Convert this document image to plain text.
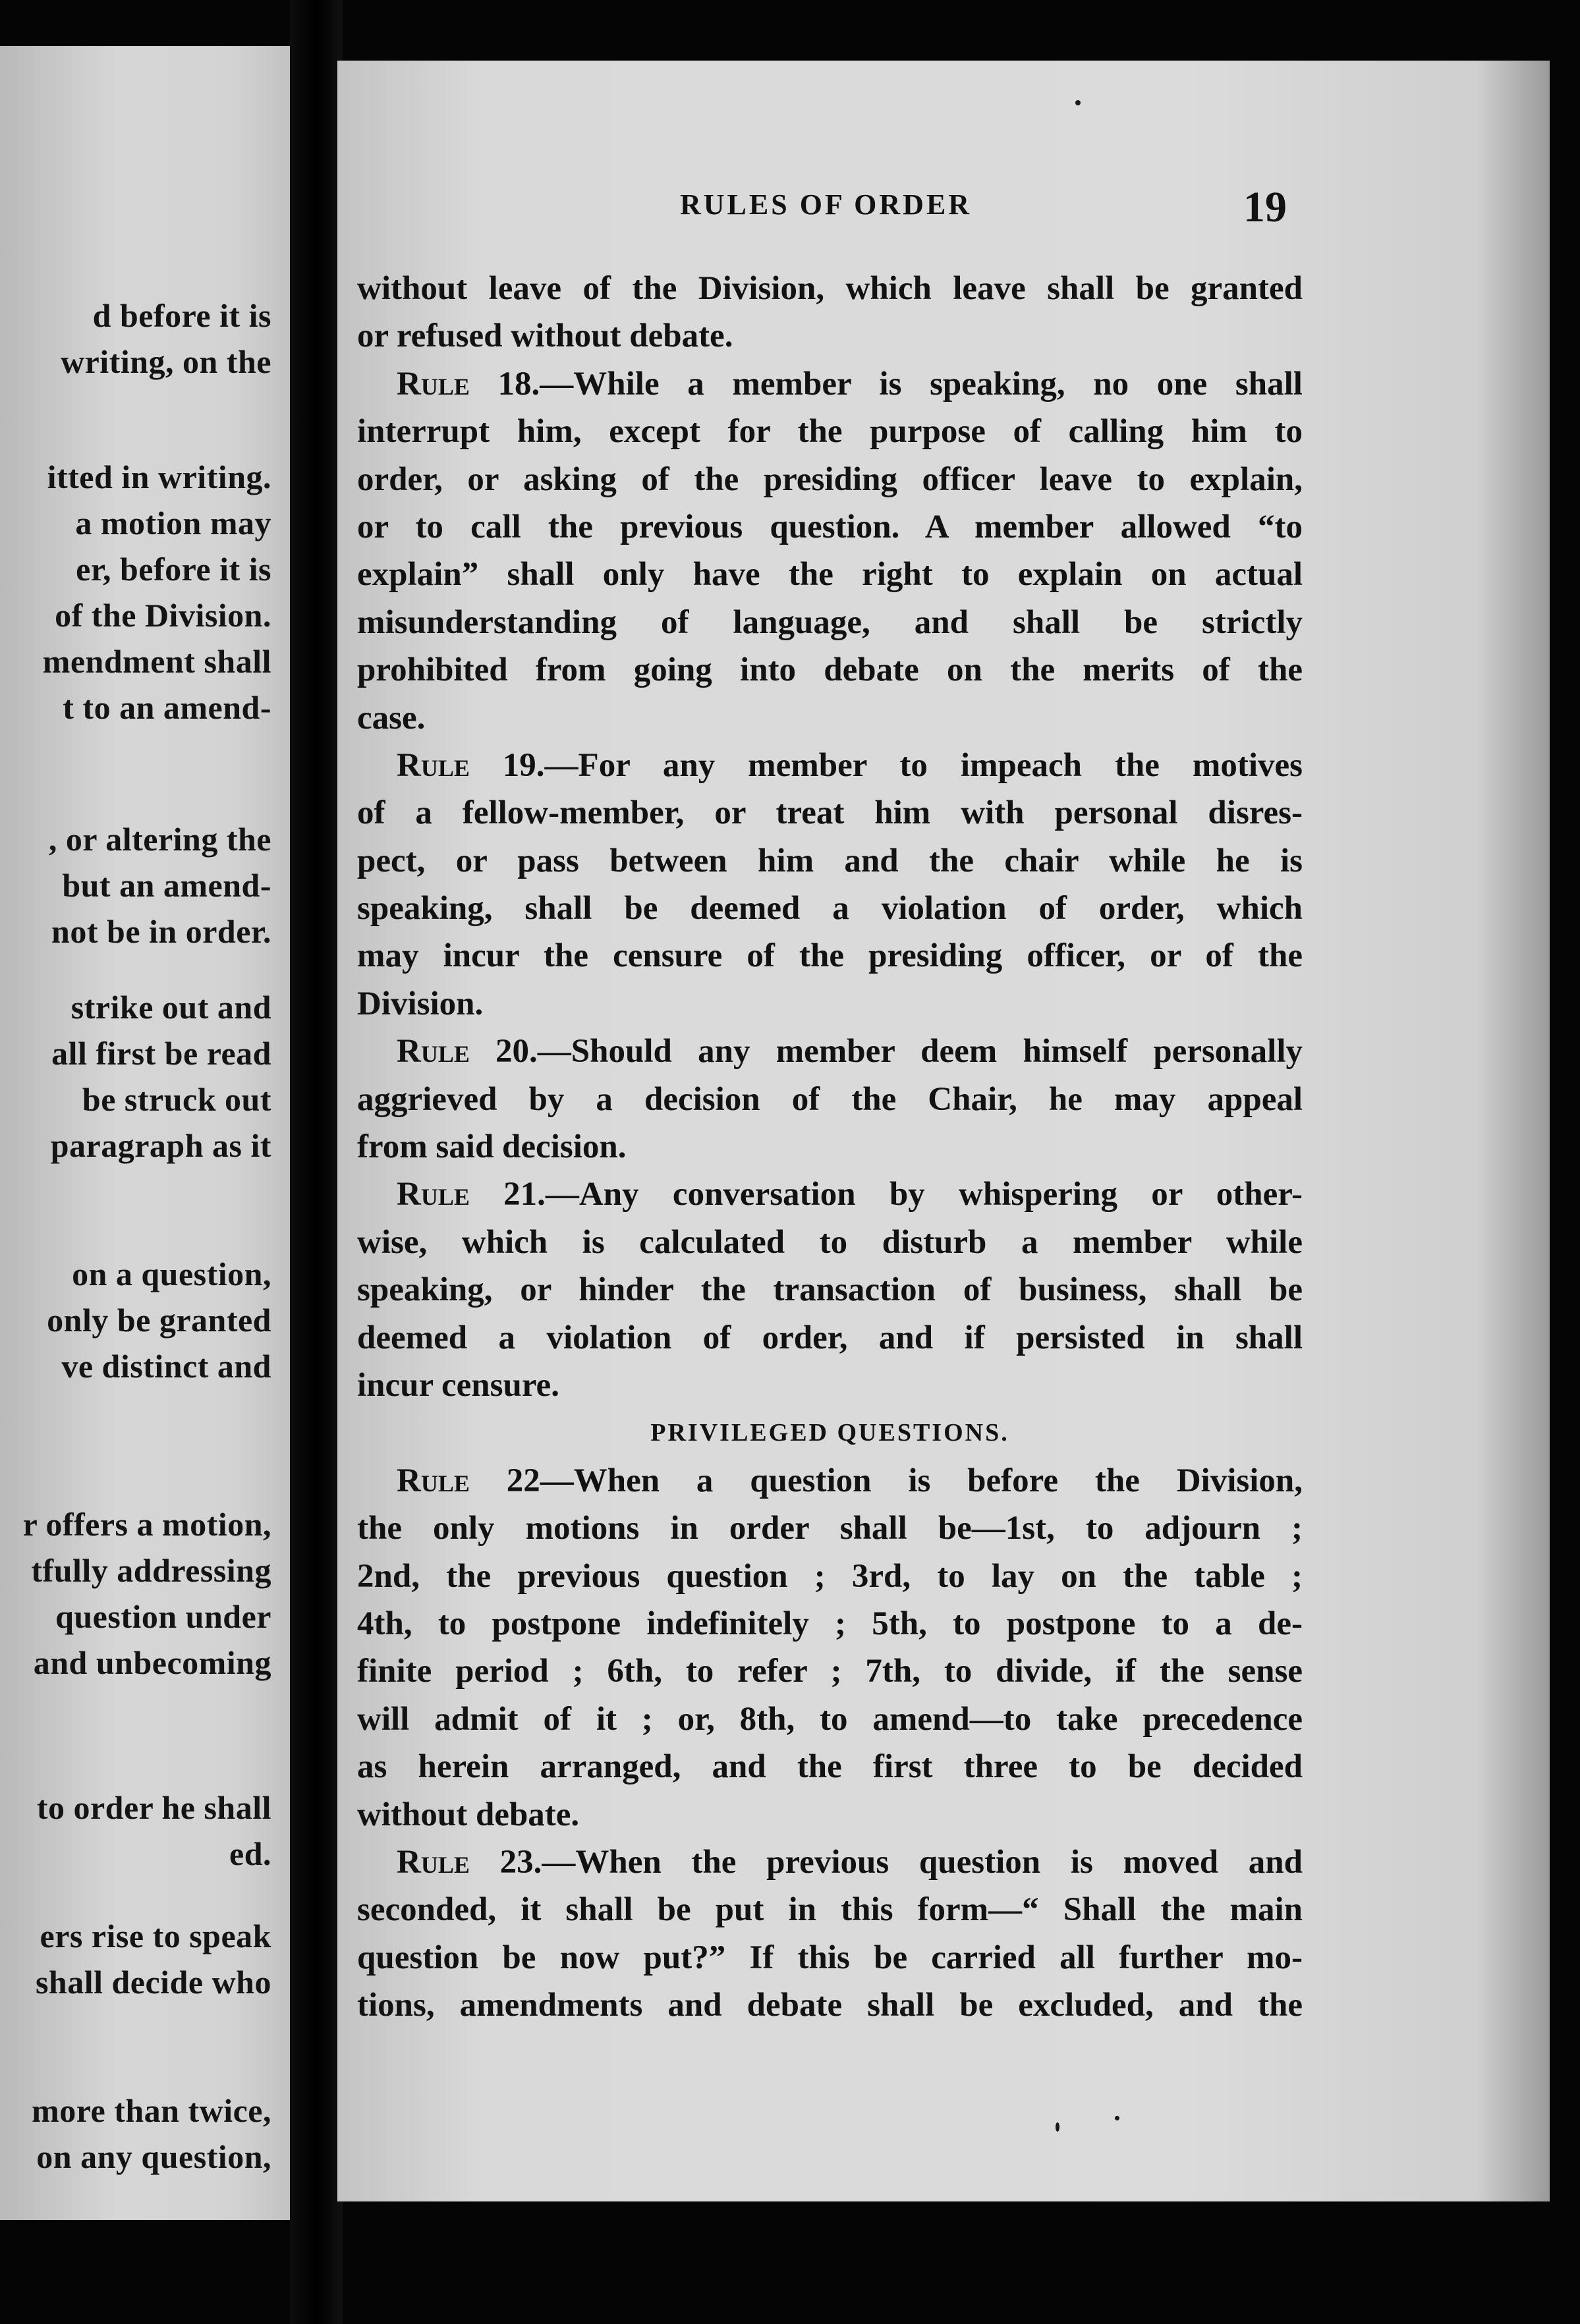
d before it is
writing, on the
itted in writing.
a motion may
er, before it is
of the Division.
mendment shall
t to an amend-
, or altering the
but an amend-
not be in order.
strike out and
all first be read
be struck out
paragraph as it
on a question,
only be granted
ve distinct and
r offers a motion,
tfully addressing
question under
and unbecoming
to order he shall
ed.
ers rise to speak
shall decide who
more than twice,
on any question,
RULES OF ORDER	19
without leave of the Division, which leave shall be granted
or refused without debate.
Rule 18.—While a member is speaking, no one shall
interrupt him, except for the purpose of calling him to
order, or asking of the presiding officer leave to explain,
or to call the previous question. A member allowed “to
explain” shall only have the right to explain on actual
misunderstanding of language, and shall be strictly
prohibited from going into debate on the merits of the
case.
Rule 19.—For any member to impeach the motives
of a fellow-member, or treat him with personal disres-
pect, or pass between him and the chair while he is
speaking, shall be deemed a violation of order, which
may incur the censure of the presiding officer, or of the
Division.
Rule 20.—Should any member deem himself personally
aggrieved by a decision of the Chair, he may appeal
from said decision.
Rule 21.—Any conversation by whispering or other-
wise, which is calculated to disturb a member while
speaking, or hinder the transaction of business, shall be
deemed a violation of order, and if persisted in shall
incur censure.
PRIVILEGED QUESTIONS.
Rule 22—When a question is before the Division,
the only motions in order shall be—1st, to adjourn ;
2nd, the previous question ; 3rd, to lay on the table ;
4th, to postpone indefinitely ; 5th, to postpone to a de-
finite period ; 6th, to refer ; 7th, to divide, if the sense
will admit of it ; or, 8th, to amend—to take precedence
as herein arranged, and the first three to be decided
without debate.
Rule 23.—When the previous question is moved and
seconded, it shall be put in this form—“ Shall the main
question be now put?” If this be carried all further mo-
tions, amendments and debate shall be excluded, and the
